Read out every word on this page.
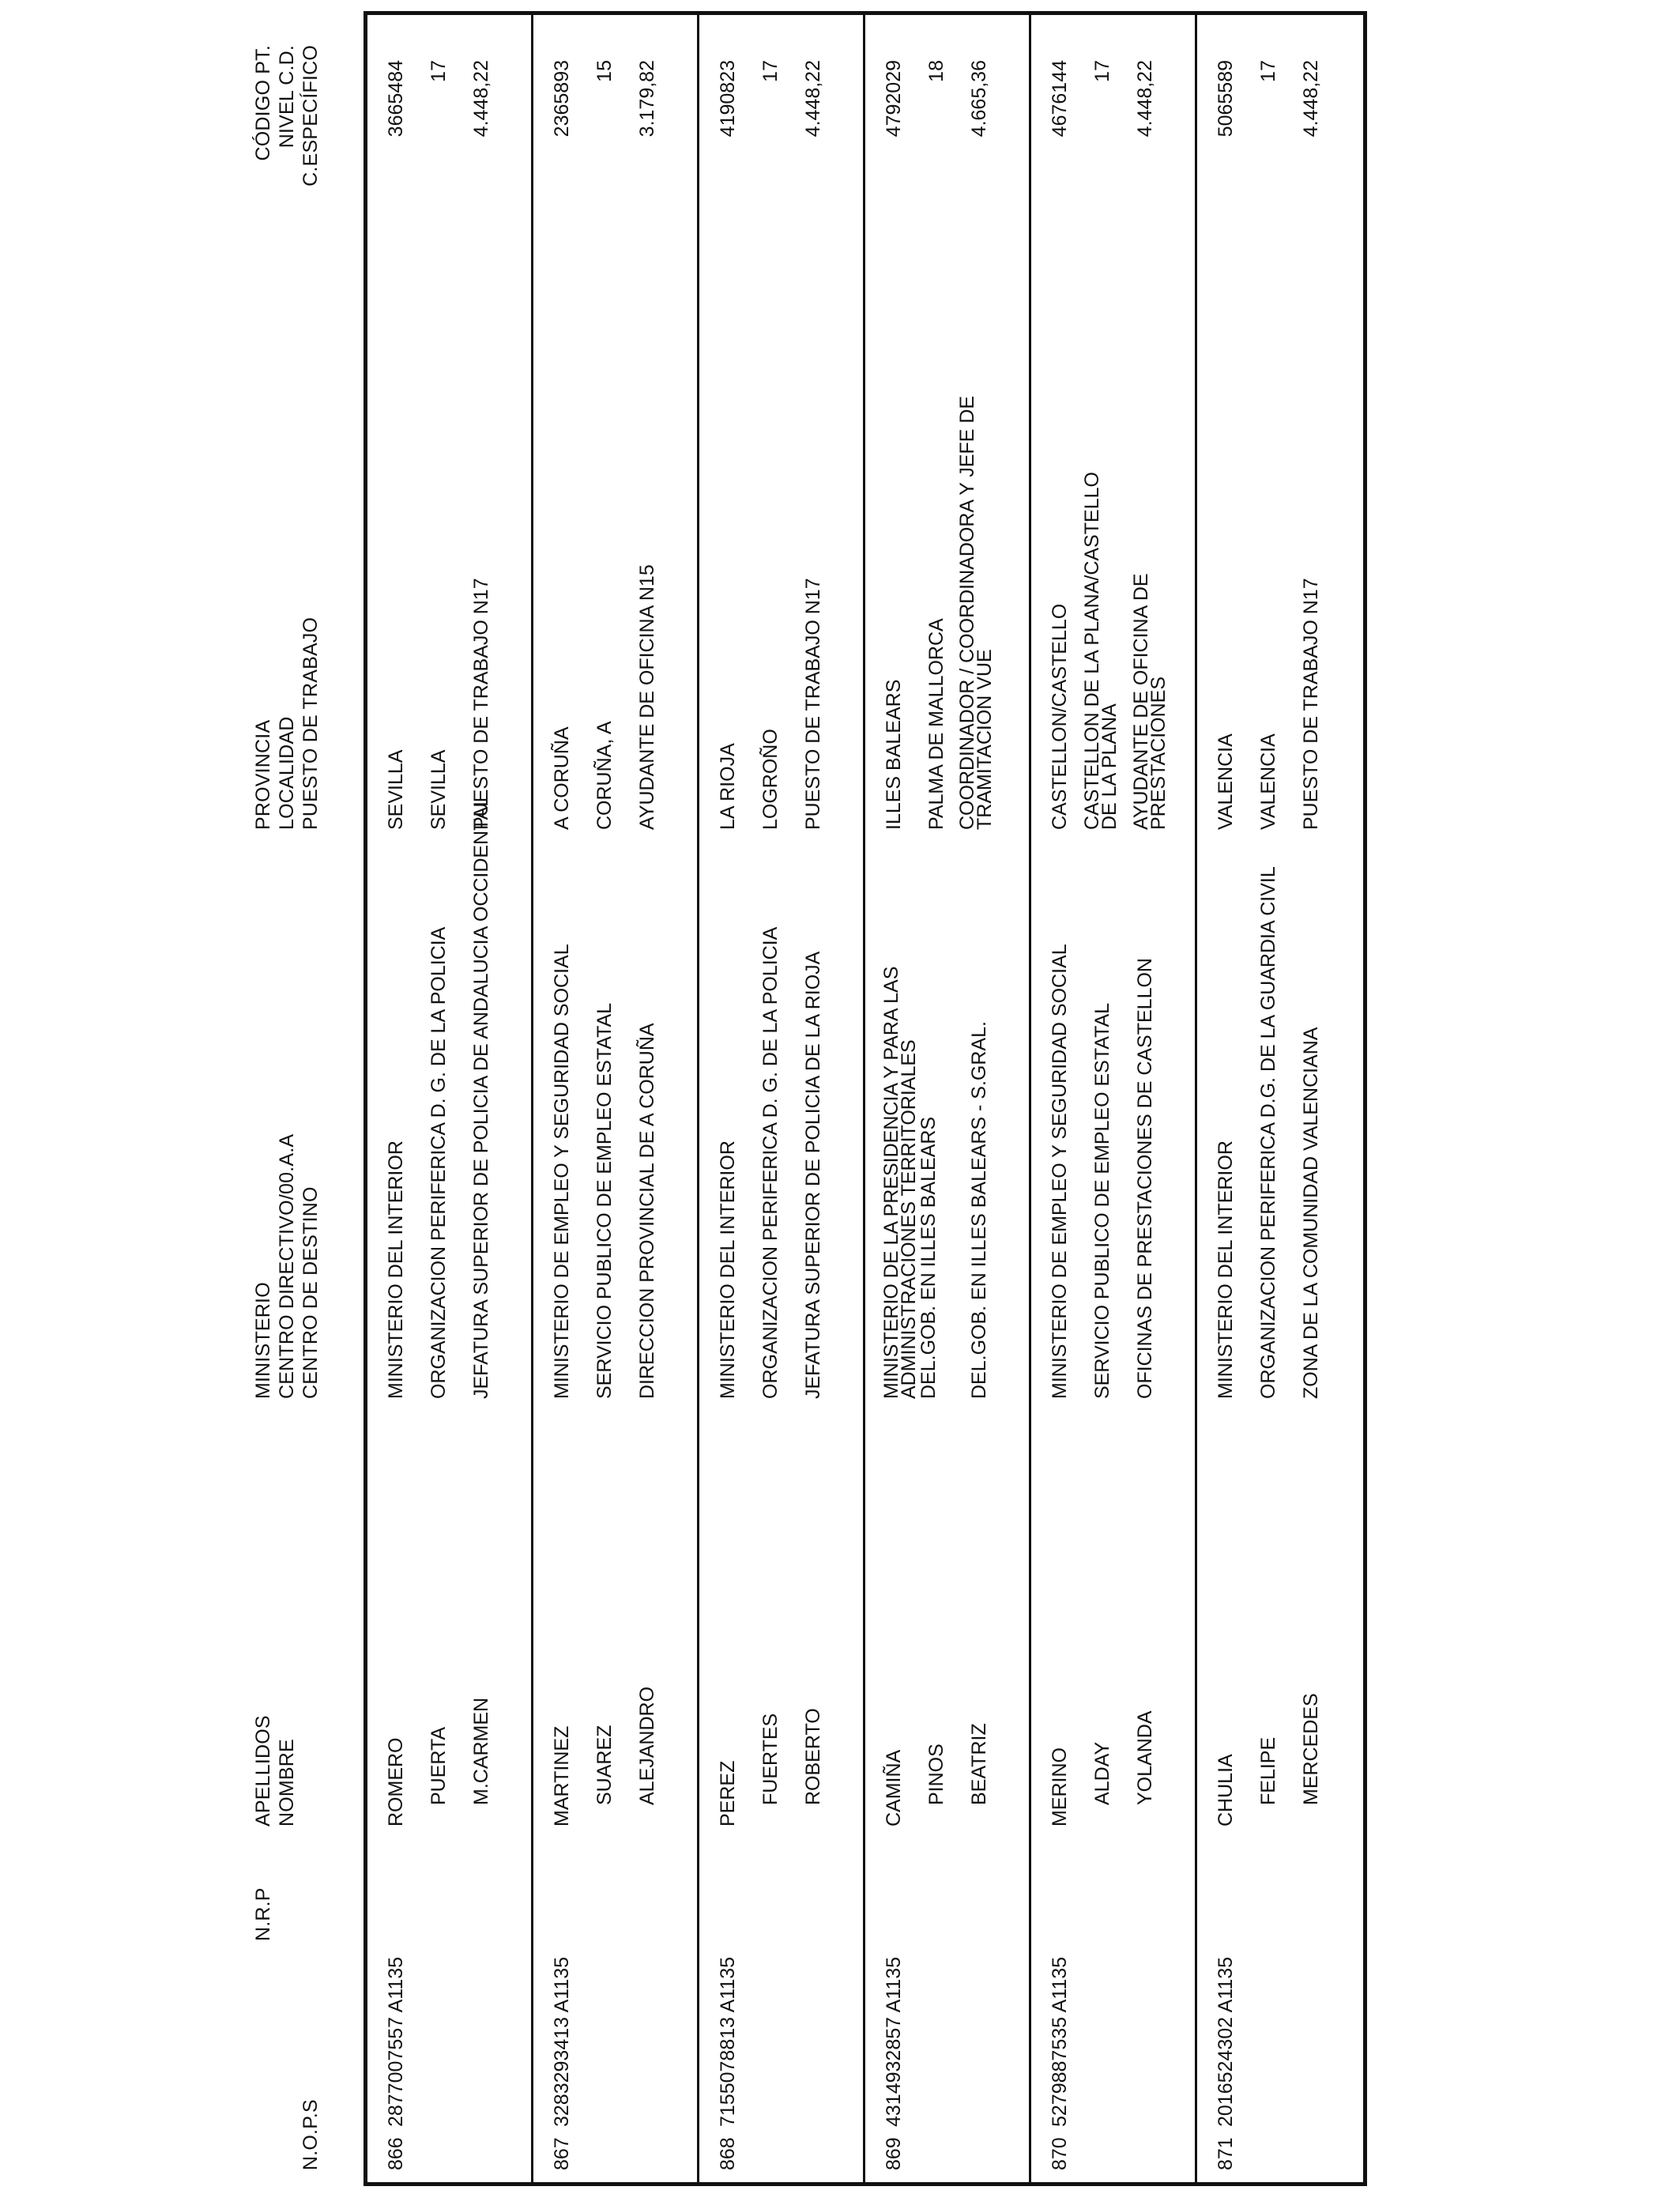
N.O.P.S
N.R.P
APELLIDOS NOMBRE
MINISTERIO CENTRO DIRECTIVO/00.A.A CENTRO DE DESTINO
PROVINCIA LOCALIDAD PUESTO DE TRABAJO
CÓDIGO PT. NIVEL C.D. C.ESPECÍFICO
866
2877007557 A1135
ROMERO PUERTA M.CARMEN
MINISTERIO DEL INTERIOR ORGANIZACION PERIFERICA D. G. DE LA POLICIA JEFATURA SUPERIOR DE POLICIA DE ANDALUCIA OCCIDENTAL
SEVILLA SEVILLA PUESTO DE TRABAJO N17
3665484 17 4.448,22
867
3283293413 A1135
MARTINEZ SUAREZ ALEJANDRO
MINISTERIO DE EMPLEO Y SEGURIDAD SOCIAL SERVICIO PUBLICO DE EMPLEO ESTATAL DIRECCION PROVINCIAL DE A CORUÑA
A CORUÑA CORUÑA, A AYUDANTE DE OFICINA N15
2365893 15 3.179,82
868
7155078813 A1135
PEREZ FUERTES ROBERTO
MINISTERIO DEL INTERIOR ORGANIZACION PERIFERICA D. G. DE LA POLICIA JEFATURA SUPERIOR DE POLICIA DE LA RIOJA
LA RIOJA LOGROÑO PUESTO DE TRABAJO N17
4190823 17 4.448,22
869
4314932857 A1135
CAMIÑA PINOS BEATRIZ
MINISTERIO DE LA PRESIDENCIA Y PARA LAS ADMINISTRACIONES TERRITORIALES
DEL.GOB. EN ILLES BALEARS DEL.GOB. EN ILLES BALEARS - S.GRAL.
ILLES BALEARS PALMA DE MALLORCA COORDINADOR / COORDINADORA Y JEFE DE TRAMITACION VUE
4792029 18 4.665,36
870
5279887535 A1135
MERINO ALDAY YOLANDA
MINISTERIO DE EMPLEO Y SEGURIDAD SOCIAL SERVICIO PUBLICO DE EMPLEO ESTATAL OFICINAS DE PRESTACIONES DE CASTELLON
CASTELLON/CASTELLO CASTELLON DE LA PLANA/CASTELLO DE LA PLANA AYUDANTE DE OFICINA DE PRESTACIONES
4676144 17 4.448,22
871
2016524302 A1135
CHULIA FELIPE MERCEDES
MINISTERIO DEL INTERIOR ORGANIZACION PERIFERICA D.G. DE LA GUARDIA CIVIL ZONA DE LA COMUNIDAD VALENCIANA
VALENCIA VALENCIA PUESTO DE TRABAJO N17
5065589 17 4.448,22
